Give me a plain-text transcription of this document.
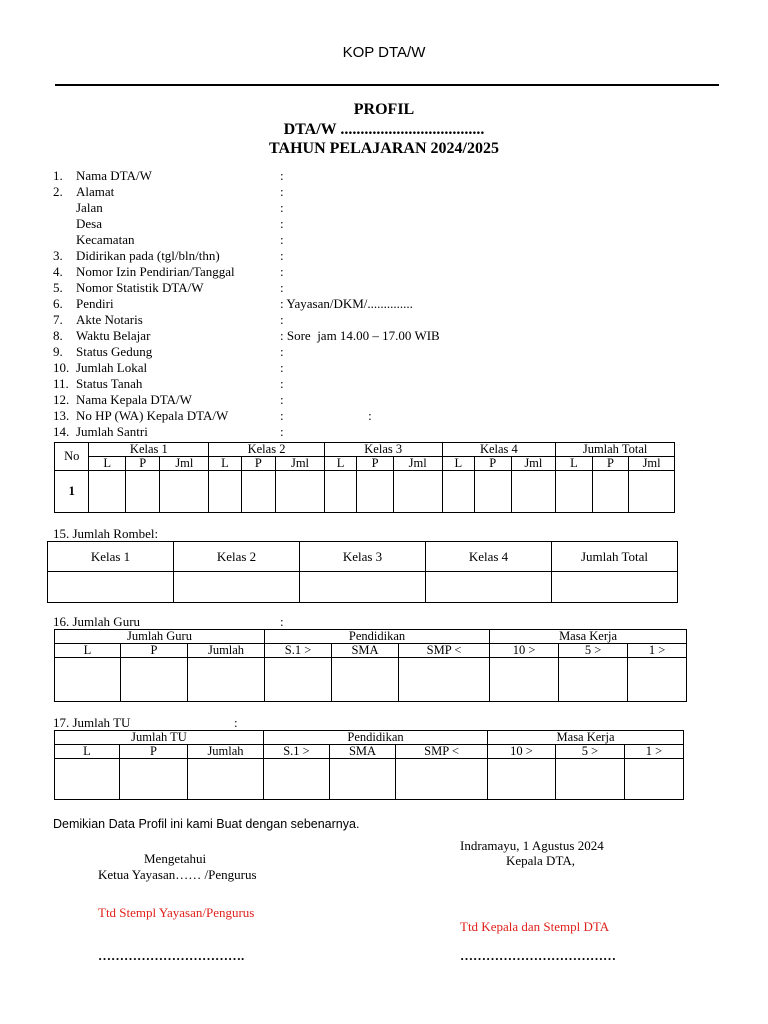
KOP DTA/W
PROFIL
DTA/W ....................................
TAHUN PELAJARAN 2024/2025
1. Nama DTA/W	:
2. Alamat	:
Jalan	:
Desa	:
Kecamatan	:
3. Didirikan pada (tgl/bln/thn)	:
4. Nomor Izin Pendirian/Tanggal	:
5. Nomor Statistik DTA/W	:
6. Pendiri	: Yayasan/DKM/..............
7. Akte Notaris	:
8. Waktu Belajar	: Sore  jam 14.00 – 17.00 WIB
9. Status Gedung	:
10. Jumlah Lokal	:
11. Status Tanah	:
12. Nama Kepala DTA/W	:
13. No HP (WA) Kepala DTA/W	:                          :
14. Jumlah Santri	:
No	Kelas 1			Kelas 2			Kelas 3			Kelas 4			Jumlah Total		
	L	P	Jml	L	P	Jml	L	P	Jml	L	P	Jml	L	P	Jml
1															
15. Jumlah Rombel:
Kelas 1	Kelas 2	Kelas 3	Kelas 4	Jumlah Total

16. Jumlah Guru	:
Jumlah Guru			Pendidikan			Masa Kerja		
L	P	Jumlah	S.1 >	SMA	SMP <	10 >	5 >	1 >

17. Jumlah TU	:
Jumlah TU			Pendidikan			Masa Kerja		
L	P	Jumlah	S.1 >	SMA	SMP <	10 >	5 >	1 >

Demikian Data Profil ini kami Buat dengan sebenarnya.
Indramayu, 1 Agustus 2024
Kepala DTA,
Ttd Kepala dan Stempl DTA
………………………………
Mengetahui
Ketua Yayasan…… /Pengurus
Ttd Stempl Yayasan/Pengurus
…………………………….
